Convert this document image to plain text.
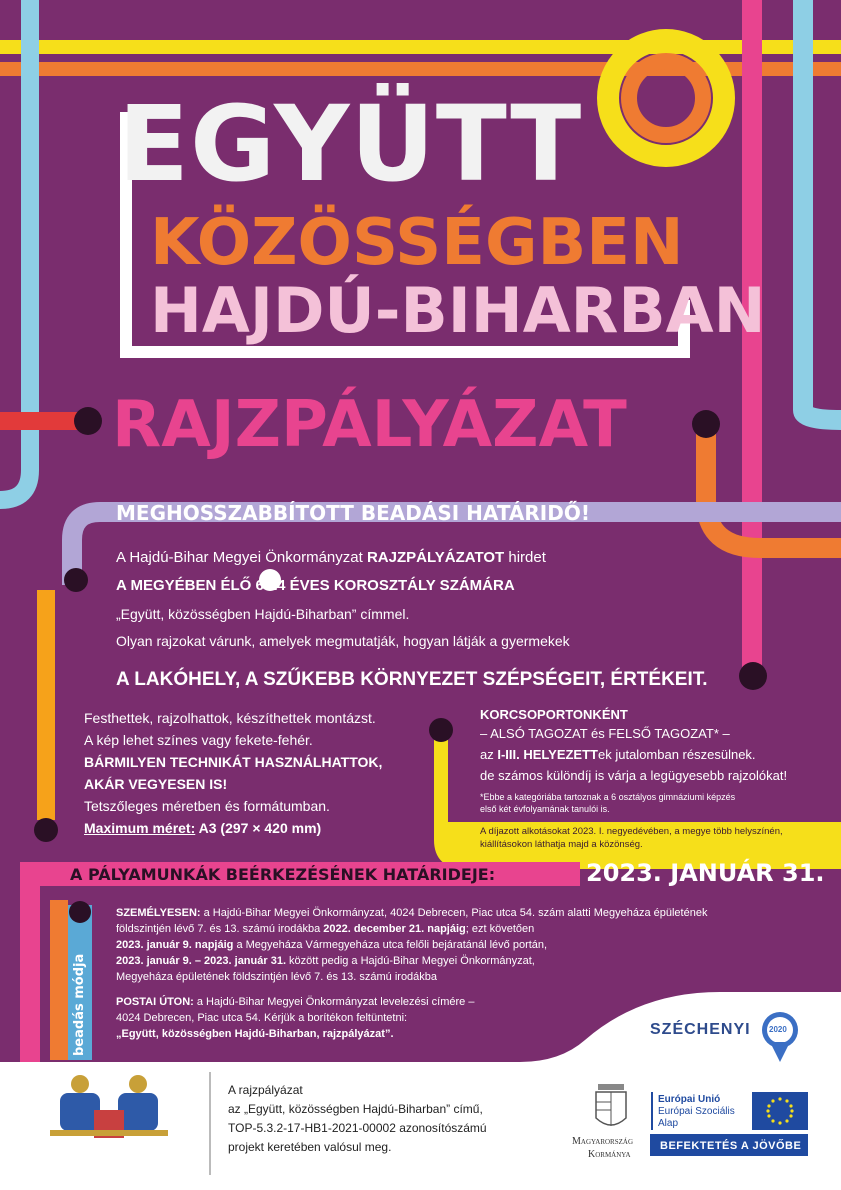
EGYÜTT
KÖZÖSSÉGBEN
HAJDÚ-BIHARBAN
RAJZPÁLYÁZAT
MEGHOSSZABBÍTOTT BEADÁSI HATÁRIDŐ!
A Hajdú-Bihar Megyei Önkormányzat RAJZPÁLYÁZATOT hirdet
A MEGYÉBEN ÉLŐ 6-14 ÉVES KOROSZTÁLY SZÁMÁRA
„Együtt, közösségben Hajdú-Biharban” címmel.
Olyan rajzokat várunk, amelyek megmutatják, hogyan látják a gyermekek
A LAKÓHELY, A SZŰKEBB KÖRNYEZET SZÉPSÉGEIT, ÉRTÉKEIT.
Festhettek, rajzolhattok, készíthettek montázst.
A kép lehet színes vagy fekete-fehér.
BÁRMILYEN TECHNIKÁT HASZNÁLHATTOK,
AKÁR VEGYESEN IS!
Tetszőleges méretben és formátumban.
Maximum méret: A3 (297 × 420 mm)
KORCSOPORTONKÉNT
– ALSÓ TAGOZAT és FELSŐ TAGOZAT* –
az I-III. HELYEZETTek jutalomban részesülnek.
de számos különdíj is várja a legügyesebb rajzolókat!
*Ebbe a kategóriába tartoznak a 6 osztályos gimnáziumi képzés
első két évfolyamának tanulói is.
A díjazott alkotásokat 2023. I. negyedévében, a megye több helyszínén,
kiállításokon láthatja majd a közönség.
A PÁLYAMUNKÁK BEÉRKEZÉSÉNEK HATÁRIDEJE:	2023. JANUÁR 31.
beadás módja
SZEMÉLYESEN: a Hajdú-Bihar Megyei Önkormányzat, 4024 Debrecen, Piac utca 54. szám alatti Megyeháza épületének
földszintjén lévő 7. és 13. számú irodákba 2022. december 21. napjáig; ezt követően
2023. január 9. napjáig a Megyeháza Vármegyeháza utca felőli bejáratánál lévő portán,
2023. január 9. – 2023. január 31. között pedig a Hajdú-Bihar Megyei Önkormányzat,
Megyeháza épületének földszintjén lévő 7. és 13. számú irodákba
POSTAI ÚTON: a Hajdú-Bihar Megyei Önkormányzat levelezési címére –
4024 Debrecen, Piac utca 54. Kérjük a borítékon feltüntetni:
„Együtt, közösségben Hajdú-Biharban, rajzpályázat”.	SZÉCHENYI 2020
A rajzpályázat
az „Együtt, közösségben Hajdú-Biharban” című,
TOP-5.3.2-17-HB1-2021-00002 azonosítószámú
projekt keretében valósul meg.	Magyarország
Kormánya
Európai Unió
Európai Szociális
Alap
BEFEKTETÉS A JÖVŐBE
